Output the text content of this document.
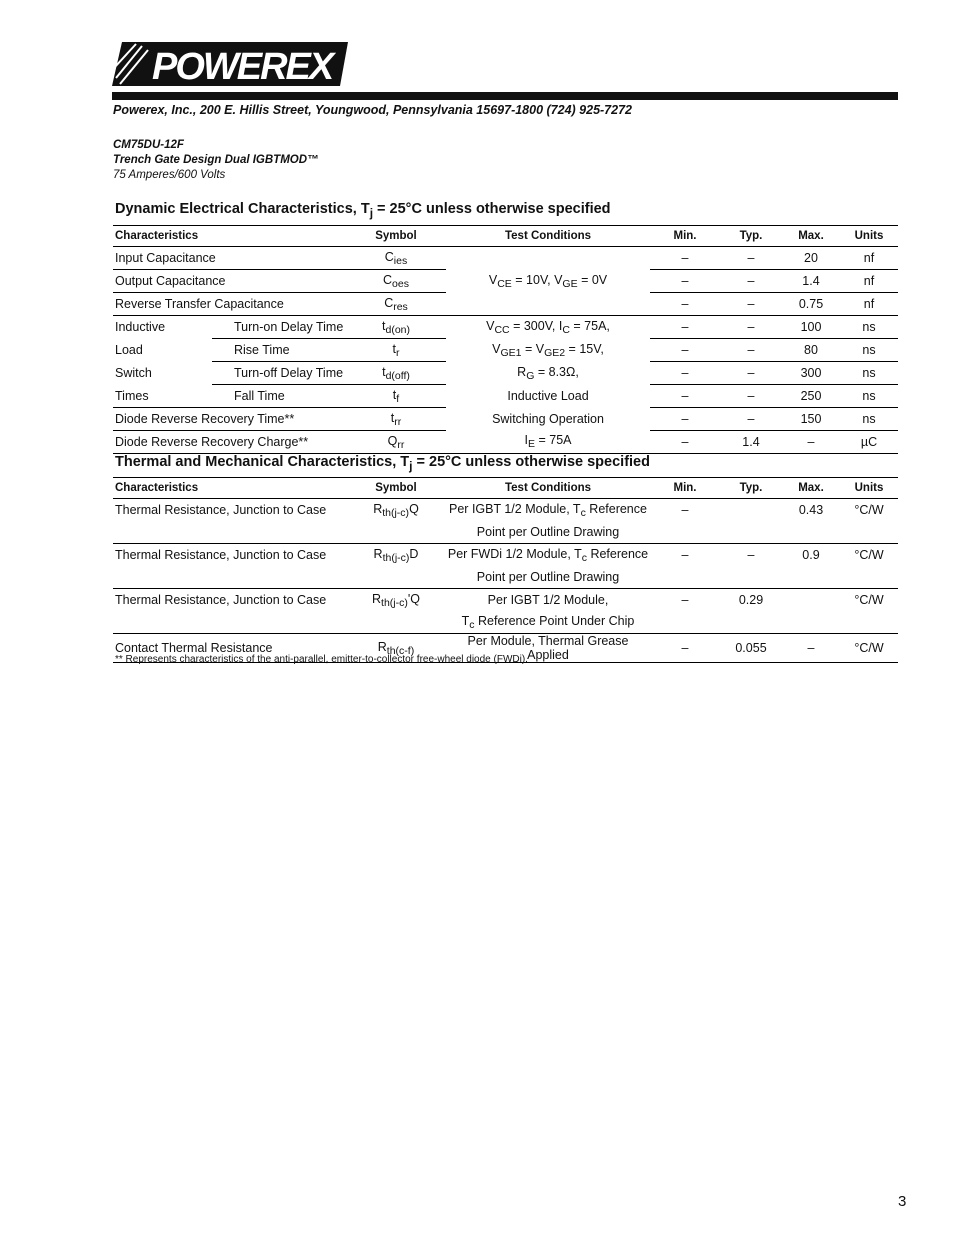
POWEREX
Powerex, Inc., 200 E. Hillis Street, Youngwood, Pennsylvania 15697-1800 (724) 925-7272
CM75DU-12F
Trench Gate Design Dual IGBTMOD™
75 Amperes/600 Volts
Dynamic Electrical Characteristics, $T_j = 25^\circ C$ unless otherwise specified
Characteristics		Symbol	Test Conditions	Min.	Typ.	Max.	Units
Input Capacitance		$C_{ies}$	$V_{CE} = 10V$, $V_{GE} = 0V$	–	–	20	nf
Output Capacitance		$C_{oes}$		–	–	1.4	nf
Reverse Transfer Capacitance		$C_{res}$		–	–	0.75	nf
Inductive	Turn-on Delay Time	$t_{d(on)}$	$V_{CC} = 300V$, $I_C = 75A$,	–	–	100	ns
Load	Rise Time	$t_r$	$V_{GE1} = V_{GE2} = 15V$,	–	–	80	ns
Switch	Turn-off Delay Time	$t_{d(off)}$	$R_G = 8.3\Omega$,	–	–	300	ns
Times	Fall Time	$t_f$	Inductive Load	–	–	250	ns
Diode Reverse Recovery Time**		$t_{rr}$	Switching Operation	–	–	150	ns
Diode Reverse Recovery Charge**		$Q_{rr}$	$I_E = 75A$	–	1.4	–	µC
Thermal and Mechanical Characteristics, $T_j = 25^\circ C$ unless otherwise specified
Characteristics	Symbol	Test Conditions	Min.	Typ.	Max.	Units
Thermal Resistance, Junction to Case	$R_{th(j-c)}Q$	Per IGBT 1/2 Module, $T_c$ Reference	–		0.43	°C/W
		Point per Outline Drawing				
Thermal Resistance, Junction to Case	$R_{th(j-c)}D$	Per FWDi 1/2 Module, $T_c$ Reference	–	–	0.9	°C/W
		Point per Outline Drawing				
Thermal Resistance, Junction to Case	$R_{th(j-c)}'Q$	Per IGBT 1/2 Module,	–	0.29		°C/W
		$T_c$ Reference Point Under Chip				
Contact Thermal Resistance	$R_{th(c-f)}$	Per Module, Thermal Grease Applied	–	0.055	–	°C/W
** Represents characteristics of the anti-parallel, emitter-to-collector free-wheel diode (FWDi).
3
